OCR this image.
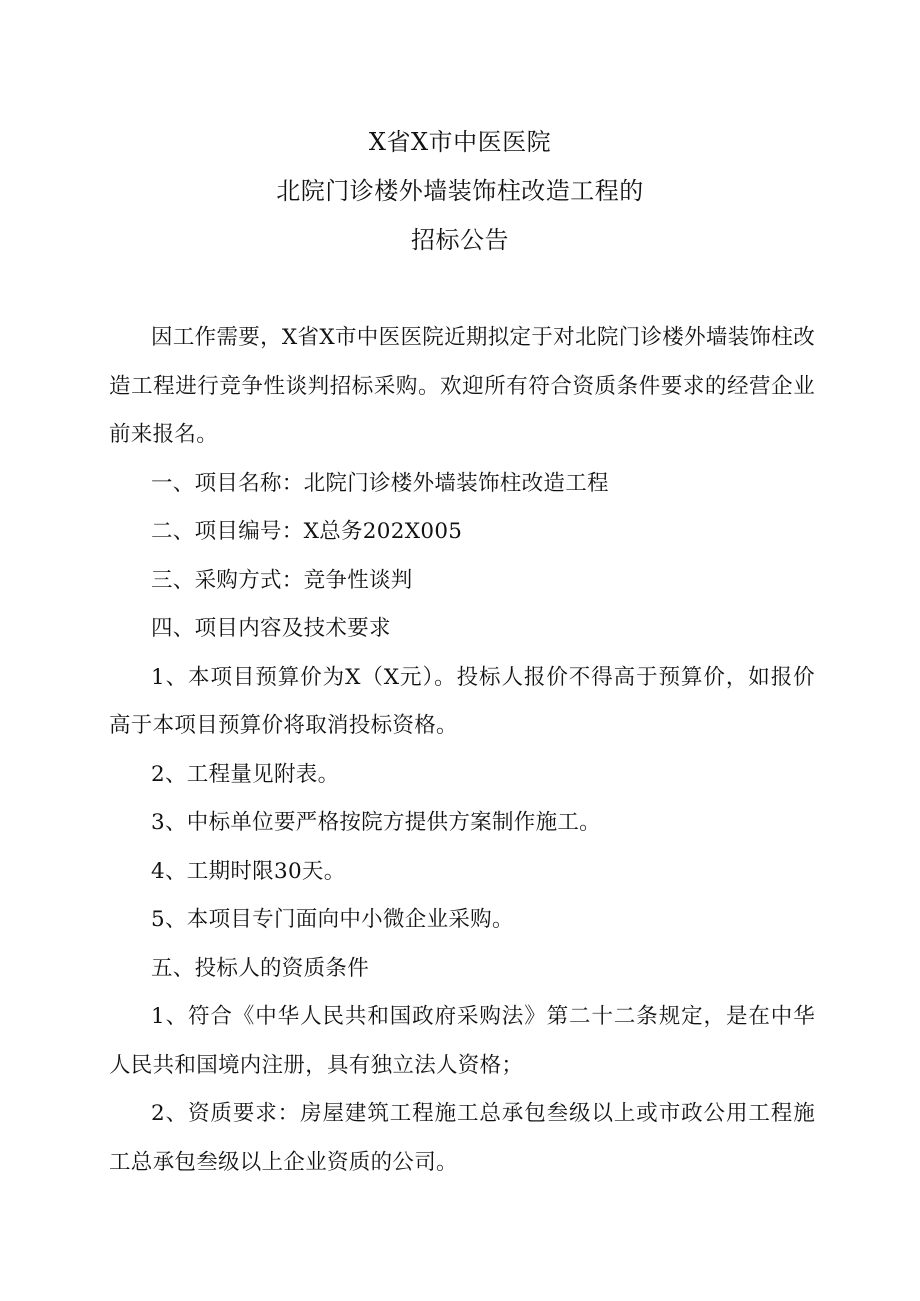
X省X市中医医院
北院门诊楼外墙装饰柱改造工程的
招标公告

因工作需要，X省X市中医医院近期拟定于对北院门诊楼外墙装饰柱改造工程进行竞争性谈判招标采购。欢迎所有符合资质条件要求的经营企业前来报名。

一、项目名称：北院门诊楼外墙装饰柱改造工程

二、项目编号：X总务202X005

三、采购方式：竞争性谈判

四、项目内容及技术要求

1、本项目预算价为X（X元）。投标人报价不得高于预算价，如报价高于本项目预算价将取消投标资格。

2、工程量见附表。

3、中标单位要严格按院方提供方案制作施工。

4、工期时限30天。

5、本项目专门面向中小微企业采购。

五、投标人的资质条件

1、符合《中华人民共和国政府采购法》第二十二条规定，是在中华人民共和国境内注册，具有独立法人资格；

2、资质要求：房屋建筑工程施工总承包叁级以上或市政公用工程施工总承包叁级以上企业资质的公司。
